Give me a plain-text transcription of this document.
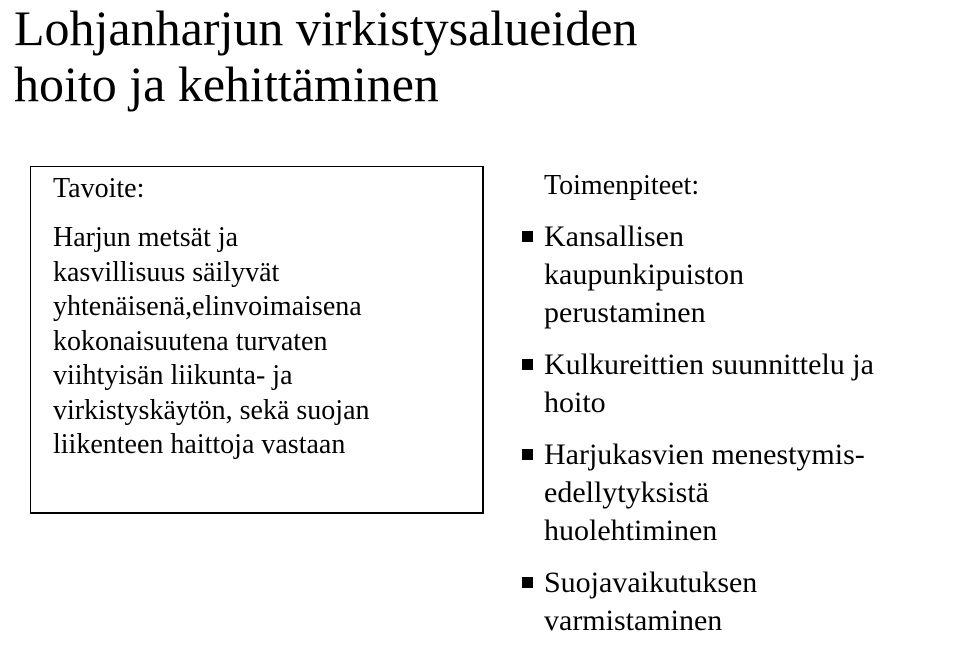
Lohjanharjun virkistysalueiden
hoito ja kehittäminen
Tavoite:
Harjun metsät ja
kasvillisuus säilyvät
yhtenäisenä,elinvoimaisena
kokonaisuutena turvaten
viihtyisän liikunta- ja
virkistyskäytön, sekä suojan
liikenteen haittoja vastaan
Toimenpiteet:
Kansallisen
kaupunkipuiston
perustaminen
Kulkureittien suunnittelu ja
hoito
Harjukasvien menestymis-
edellytyksistä
huolehtiminen
Suojavaikutuksen
varmistaminen
